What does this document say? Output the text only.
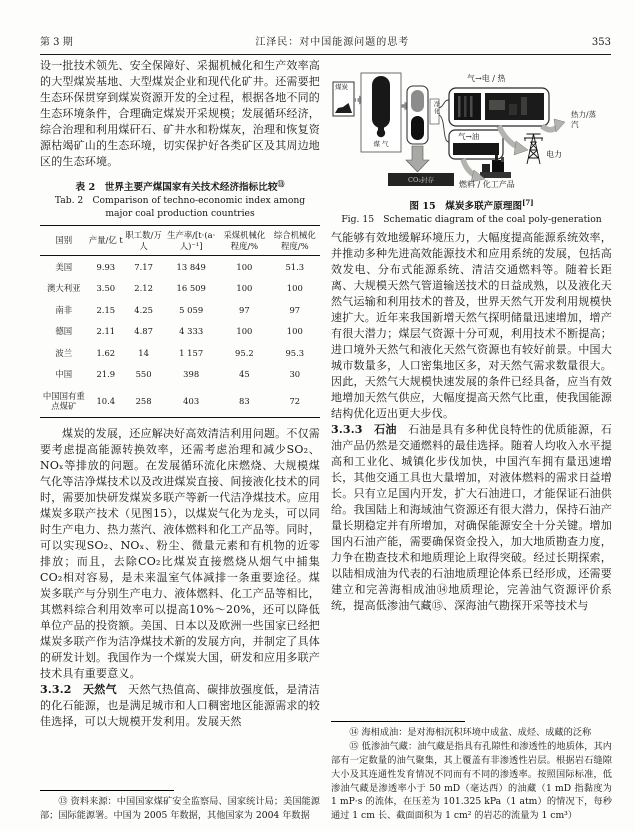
第 3 期	江泽民：对中国能源问题的思考	353

设一批技术领先、安全保障好、采掘机械化和生产效率高的大型煤炭基地、大型煤炭企业和现代化矿井。还需要把生态环保贯穿到煤炭资源开发的全过程，根据各地不同的生态环境条件，合理确定煤炭开采规模；发展循环经济，综合治理和利用煤矸石、矿井水和粉煤灰，治理和恢复资源枯竭矿山的生态环境，切实保护好各类矿区及其周边地区的生态环境。

表 2　世界主要产煤国家有关技术经济指标比较⑬
Tab. 2　Comparison of techno-economic index among
major coal production countries
国别	产量/亿 t	职工数/万人	生产率/[t·(a·人)⁻¹]	采煤机械化程度/%	综合机械化程度/%
美国	9.93	7.17	13 849	100	51.3
澳大利亚	3.50	2.12	16 509	100	100
南非	2.15	4.25	5 059	97	97
德国	2.11	4.87	4 333	100	100
波兰	1.62	14	1 157	95.2	95.3
中国	21.9	550	398	45	30
中国国有重点煤矿	10.4	258	403	83	72

煤炭的发展，还应解决好高效清洁利用问题。不仅需要考虑提高能源转换效率，还需考虑治理和减少SO₂、NOₓ等排放的问题。在发展循环流化床燃烧、大规模煤气化等洁净煤技术以及改进煤炭直接、间接液化技术的同时，需要加快研发煤炭多联产等新一代洁净煤技术。应用煤炭多联产技术（见图15），以煤炭气化为龙头，可以同时生产电力、热力蒸汽、液体燃料和化工产品等。同时，可以实现SO₂、NOₓ、粉尘、微量元素和有机物的近零排放；而且，去除CO₂比煤炭直接燃烧从烟气中捕集CO₂相对容易，是未来温室气体减排一条重要途径。煤炭多联产与分别生产电力、液体燃料、化工产品等相比，其燃料综合利用效率可以提高10%～20%，还可以降低单位产品的投资额。美国、日本以及欧洲一些国家已经把煤炭多联产作为洁净煤技术新的发展方向，并制定了具体的研发计划。我国作为一个煤炭大国，研发和应用多联产技术具有重要意义。

3.3.2　天然气　天然气热值高、碳排放强度低，是清洁的化石能源，也是满足城市和人口稠密地区能源需求的较佳选择，可以大规模开发利用。发展天然

⑬ 资料来源：中国国家煤矿安全监察局、国家统计局；美国能源部；国际能源署。中国为 2005 年数据，其他国家为 2004 年数据

煤炭
煤 气
净化
CO₂封存
气→电 / 热
气→油
热力/蒸汽
电力
燃料 / 化工产品
图 15　煤炭多联产原理图[7]
Fig. 15　Schematic diagram of the coal poly-generation

气能够有效地缓解环境压力，大幅度提高能源系统效率，并推动多种先进高效能源技术和应用系统的发展，包括高效发电、分布式能源系统、清洁交通燃料等。随着长距离、大规模天然气管道输送技术的日益成熟，以及液化天然气运输和利用技术的普及，世界天然气开发利用规模快速扩大。近年来我国新增天然气探明储量迅速增加，增产有很大潜力；煤层气资源十分可观，利用技术不断提高；进口境外天然气和液化天然气资源也有较好前景。中国大城市数量多，人口密集地区多，对天然气需求数量很大。因此，天然气大规模快速发展的条件已经具备，应当有效地增加天然气供应，大幅度提高天然气比重，使我国能源结构优化迈出更大步伐。

3.3.3　石油　石油是具有多种优良特性的优质能源，石油产品仍然是交通燃料的最佳选择。随着人均收入水平提高和工业化、城镇化步伐加快，中国汽车拥有量迅速增长，其他交通工具也大量增加，对液体燃料的需求日益增长。只有立足国内开发，扩大石油进口，才能保证石油供给。我国陆上和海域油气资源还有很大潜力，保持石油产量长期稳定并有所增加，对确保能源安全十分关键。增加国内石油产能，需要确保资金投入，加大地质勘查力度，力争在勘查技术和地质理论上取得突破。经过长期探索，以陆相成油为代表的石油地质理论体系已经形成，还需要建立和完善海相成油⑭地质理论，完善油气资源评价系统，提高低渗油气藏⑮、深海油气勘探开采等技术与

⑭ 海相成油：是对海相沉积环境中成盆、成烃、成藏的泛称

⑮ 低渗油气藏：油气藏是指具有孔隙性和渗透性的地质体，其内部有一定数量的油气聚集，其上覆盖有非渗透性岩层。根据岩石缝隙大小及其连通性发育情况不同而有不同的渗透率。按照国际标准，低渗油气藏是渗透率小于 50 mD（毫达西）的油藏（1 mD 指黏度为 1 mP·s 的流体，在压差为 101.325 kPa（1 atm）的情况下，每秒通过 1 cm 长、截面面积为 1 cm² 的岩芯的流量为 1 cm³）
